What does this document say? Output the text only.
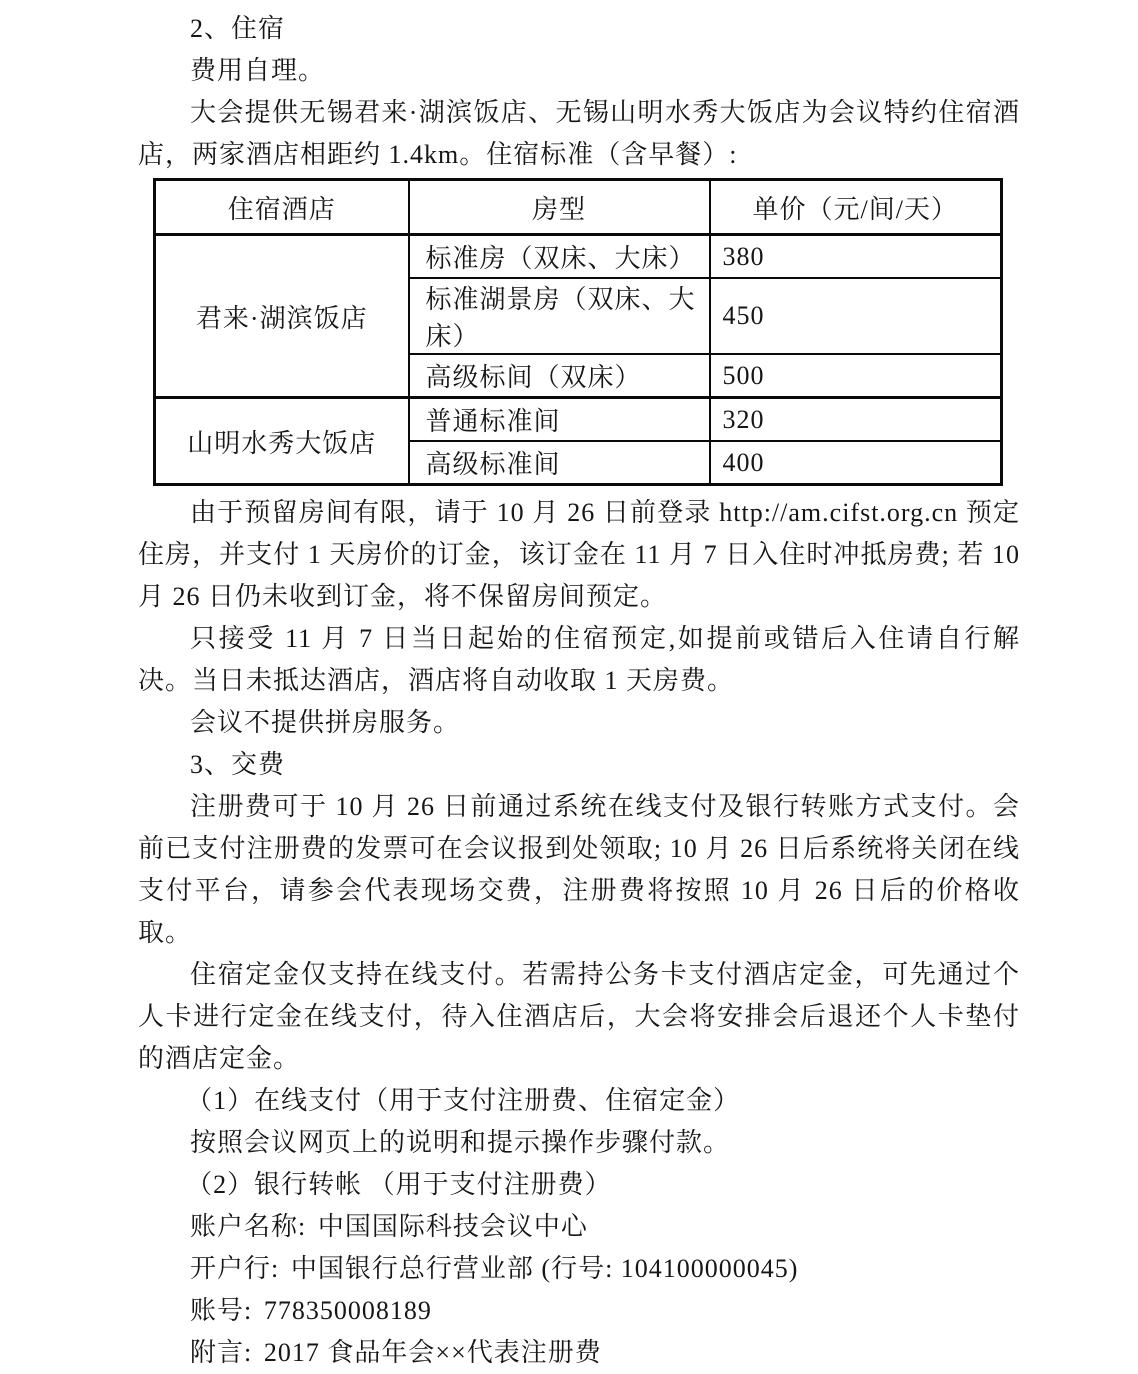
2、住宿

费用自理。

大会提供无锡君来·湖滨饭店、无锡山明水秀大饭店为会议特约住宿酒店，两家酒店相距约 1.4km。住宿标准（含早餐）:

住宿酒店	房型	单价（元/间/天）
君来·湖滨饭店	标准房（双床、大床）	380
	标准湖景房（双床、大床）	450
	高级标间（双床）	500
山明水秀大饭店	普通标准间	320
	高级标准间	400

由于预留房间有限，请于 10 月 26 日前登录 http://am.cifst.org.cn 预定住房，并支付 1 天房价的订金，该订金在 11 月 7 日入住时冲抵房费; 若 10 月 26 日仍未收到订金，将不保留房间预定。

只接受 11 月 7 日当日起始的住宿预定,如提前或错后入住请自行解决。当日未抵达酒店，酒店将自动收取 1 天房费。

会议不提供拼房服务。

3、交费

注册费可于 10 月 26 日前通过系统在线支付及银行转账方式支付。会前已支付注册费的发票可在会议报到处领取; 10 月 26 日后系统将关闭在线支付平台，请参会代表现场交费，注册费将按照 10 月 26 日后的价格收取。

住宿定金仅支持在线支付。若需持公务卡支付酒店定金，可先通过个人卡进行定金在线支付，待入住酒店后，大会将安排会后退还个人卡垫付的酒店定金。

（1）在线支付（用于支付注册费、住宿定金）

按照会议网页上的说明和提示操作步骤付款。

（2）银行转帐 （用于支付注册费）

账户名称: 中国国际科技会议中心

开户行: 中国银行总行营业部 (行号: 104100000045)

账号: 778350008189

附言: 2017 食品年会××代表注册费
